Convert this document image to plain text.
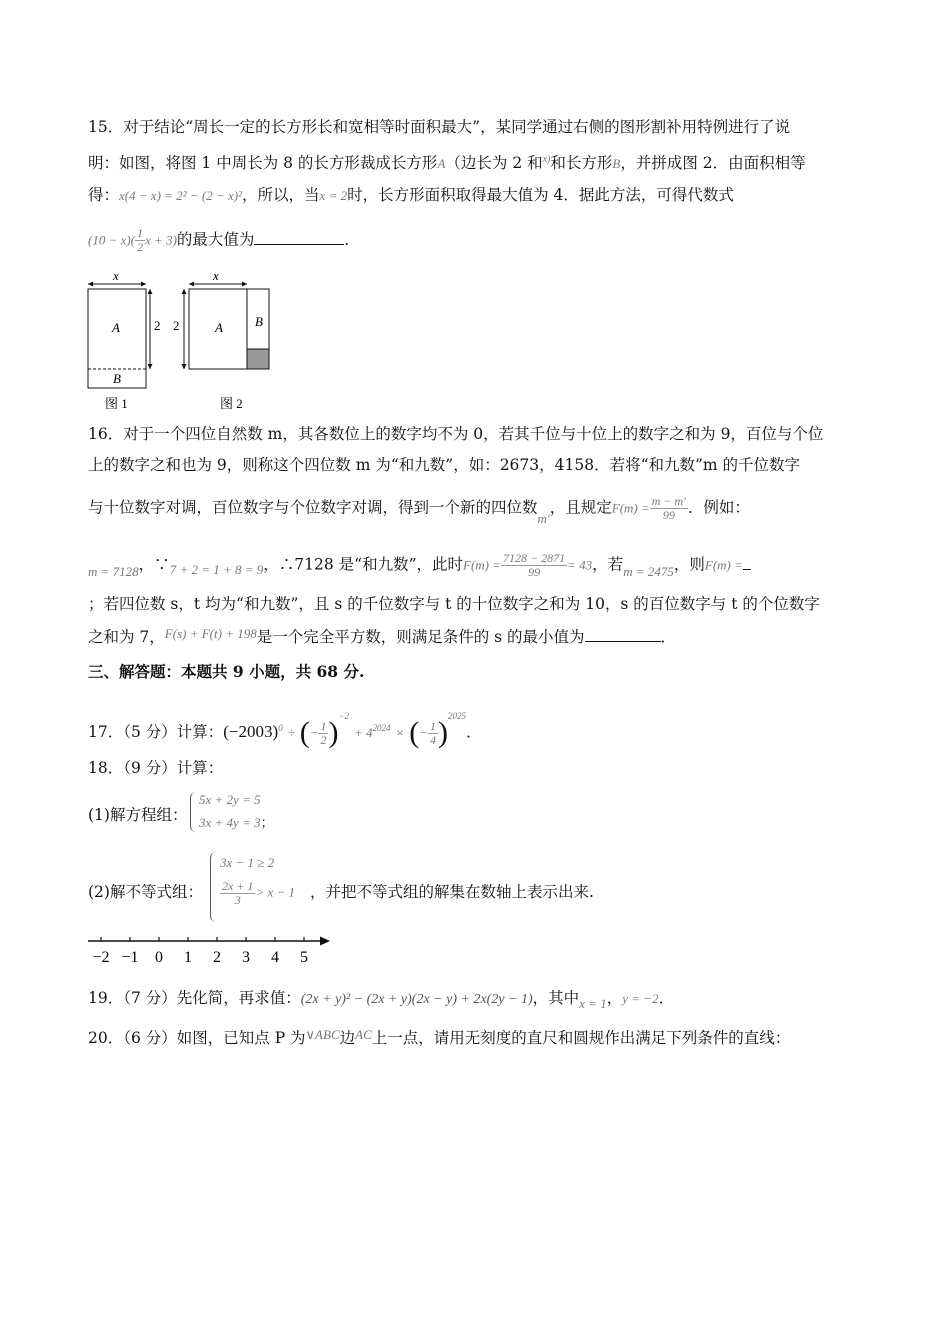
15．对于结论“周长一定的长方形长和宽相等时面积最大”，某同学通过右侧的图形割补用特例进行了说
明：如图，将图 1 中周长为 8 的长方形裁成长方形A（边长为 2 和$^{x)}$和长方形B，并拼成图 2．由面积相等
得：x(4 − x) = 2² − (2 − x)²，所以，当x = 2时，长方形面积取得最大值为 4．据此方法，可得代数式
$(10 - x)( \frac{1}{2}$ x + 3)的最大值为	．
x
A
B
2
图 1
x
2	A B
图 2
16．对于一个四位自然数 m，其各数位上的数字均不为 0，若其千位与十位上的数字之和为 9，百位与个位
上的数字之和也为 9，则称这个四位数 m 为“和九数”，如：2673，4158．若将“和九数”m 的千位数字
与十位数字对调，百位数字与个位数字对调，得到一个新的四位数$_{m'}$，且规定$F(m) = \frac{m - m'}{99}$ ．例如：
$_{m = 7128}$，$\because_{7 + 2 = 1 + 8 = 9}$，∴7128 是“和九数”，此时$F(m) = \frac{7128 - 2871}{99} = 43$，若$_{m = 2475}$，则F(m) =
；若四位数 s，t 均为“和九数”，且 s 的千位数字与 t 的十位数字之和为 10，s 的百位数字与 t 的个位数字
之和为 7，$^{F(s) + F(t) + 198}$是一个完全平方数，则满足条件的 s 的最小值为	．
三、解答题：本题共 9 小题，共 68 分.
17．（5 分）计算：$(-2003)^0$ ÷ (− $\frac{1}{2} )^{-2} + 4^{2024}$ × (− $\frac{1}{4} )^{2025}$．
18．（9 分）计算：
(1)解方程组：
5x + 2y = 5
3x + 4y = 3；
(2)解不等式组：
3x − 1 ≥ 2
$\frac{2x + 1}{3} > x - 1$ ，并把不等式组的解集在数轴上表示出来.
−2 −1 0 1 2 3 4 5
19．（7 分）先化简，再求值：(2x + y)² − (2x + y)(2x − y) + 2x(2y − 1)，其中$_{x = 1}$，y = −2．
20．（6 分）如图，已知点 P 为$^{\vee ABC}$边$^{AC}$上一点，请用无刻度的直尺和圆规作出满足下列条件的直线：
